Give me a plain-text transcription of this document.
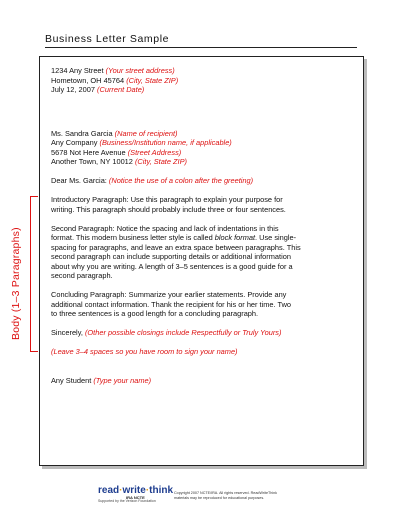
Business Letter Sample
Body (1–3 Paragraphs)
1234 Any Street (Your street address)
Hometown, OH 45764 (City, State ZIP)
July 12, 2007 (Current Date)
Ms. Sandra Garcia (Name of recipient)
Any Company (Business/Institution name, if applicable)
5678 Not Here Avenue (Street Address)
Another Town, NY 10012 (City, State ZIP)
Dear Ms. Garcia: (Notice the use of a colon after the greeting)
Introductory Paragraph: Use this paragraph to explain your purpose for
writing. This paragraph should probably include three or four sentences.
Second Paragraph: Notice the spacing and lack of indentations in this
format. This modern business letter style is called block format. Use single-
spacing for paragraphs, and leave an extra space between paragraphs. This
second paragraph can include supporting details or additional information
about why you are writing. A length of 3–5 sentences is a good guide for a
second paragraph.
Concluding Paragraph: Summarize your earlier statements. Provide any
additional contact information. Thank the recipient for his or her time. Two
to three sentences is a good length for a concluding paragraph.
Sincerely, (Other possible closings include Respectfully or Truly Yours)
(Leave 3–4 spaces so you have room to sign your name)
Any Student (Type your name)
read·write·think
IRA NCTE
Supported by the Verizon Foundation
Copyright 2007 NCTE/IRA. All rights reserved. ReadWriteThink
materials may be reproduced for educational purposes.
